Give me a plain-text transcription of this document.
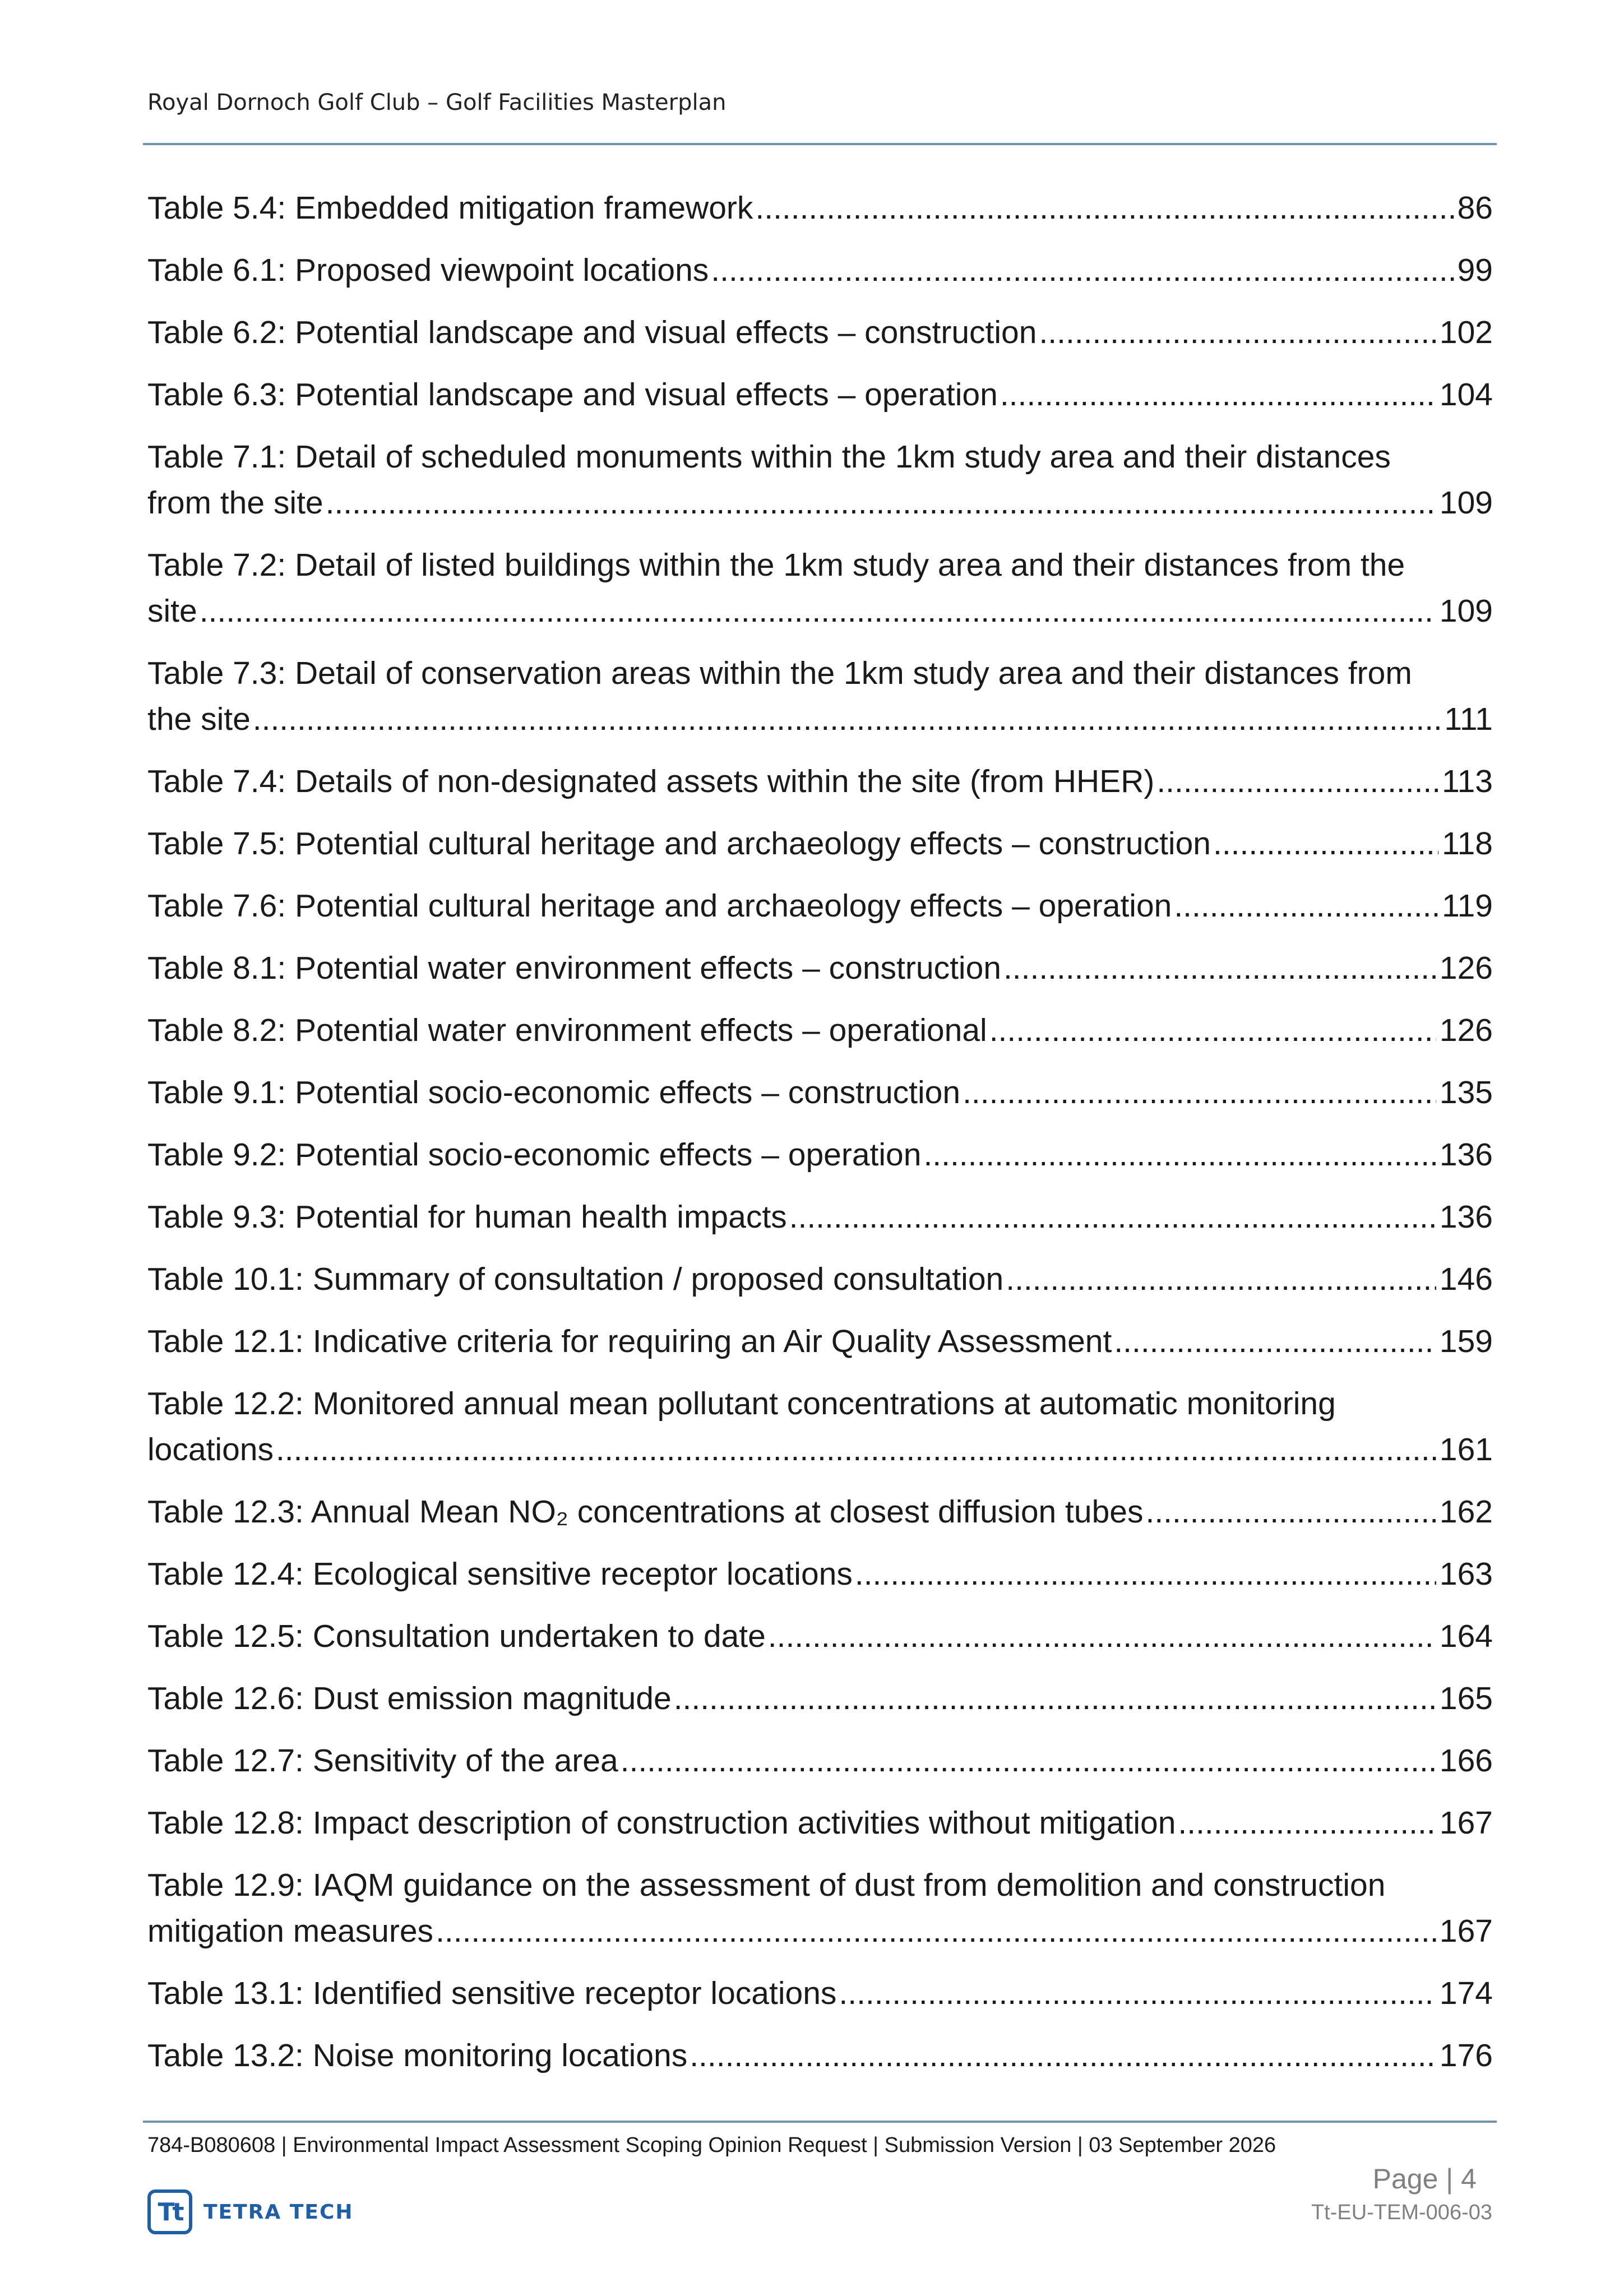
Royal Dornoch Golf Club – Golf Facilities Masterplan
Table 5.4: Embedded mitigation framework .....	86
Table 6.1: Proposed viewpoint locations .....	99
Table 6.2: Potential landscape and visual effects – construction .....	102
Table 6.3: Potential landscape and visual effects – operation .....	104
Table 7.1: Detail of scheduled monuments within the 1km study area and their distances
from the site .....	109
Table 7.2: Detail of listed buildings within the 1km study area and their distances from the
site .....	109
Table 7.3: Detail of conservation areas within the 1km study area and their distances from
the site .....	111
Table 7.4: Details of non-designated assets within the site (from HHER) .....	113
Table 7.5: Potential cultural heritage and archaeology effects – construction .....	118
Table 7.6: Potential cultural heritage and archaeology effects – operation .....	119
Table 8.1: Potential water environment effects – construction .....	126
Table 8.2: Potential water environment effects – operational .....	126
Table 9.1: Potential socio-economic effects – construction .....	135
Table 9.2: Potential socio-economic effects – operation .....	136
Table 9.3: Potential for human health impacts .....	136
Table 10.1: Summary of consultation / proposed consultation .....	146
Table 12.1: Indicative criteria for requiring an Air Quality Assessment .....	159
Table 12.2: Monitored annual mean pollutant concentrations at automatic monitoring
locations .....	161
Table 12.3: Annual Mean NO₂ concentrations at closest diffusion tubes .....	162
Table 12.4: Ecological sensitive receptor locations .....	163
Table 12.5: Consultation undertaken to date .....	164
Table 12.6: Dust emission magnitude .....	165
Table 12.7: Sensitivity of the area .....	166
Table 12.8: Impact description of construction activities without mitigation .....	167
Table 12.9: IAQM guidance on the assessment of dust from demolition and construction
mitigation measures .....	167
Table 13.1: Identified sensitive receptor locations .....	174
Table 13.2: Noise monitoring locations .....	176
784-B080608 | Environmental Impact Assessment Scoping Opinion Request | Submission Version | 03 September 2026
Page | 4
Tt-EU-TEM-006-03
Tt	TETRA TECH
